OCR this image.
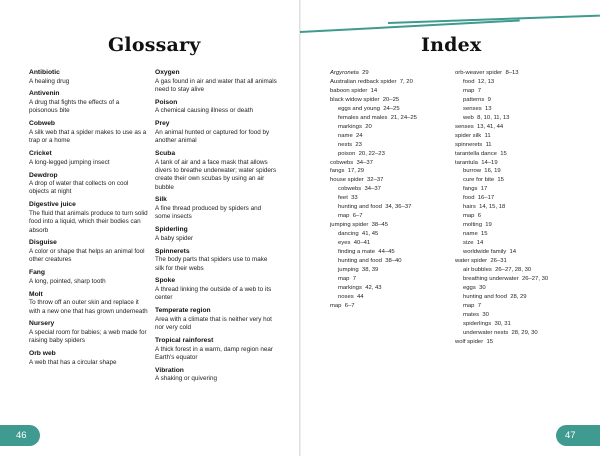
Glossary	Index
Antibiotic
A healing drug
Antivenin
A drug that fights the effects of a poisonous bite
Cobweb
A silk web that a spider makes to use as a trap or a home
Cricket
A long-legged jumping insect
Dewdrop
A drop of water that collects on cool objects at night
Digestive juice
The fluid that animals produce to turn solid food into a liquid, which their bodies can absorb
Disguise
A color or shape that helps an animal fool other creatures
Fang
A long, pointed, sharp tooth
Molt
To throw off an outer skin and replace it with a new one that has grown underneath
Nursery
A special room for babies; a web made for raising baby spiders
Orb web
A web that has a circular shape
Oxygen
A gas found in air and water that all animals need to stay alive
Poison
A chemical causing illness or death
Prey
An animal hunted or captured for food by another animal
Scuba
A tank of air and a face mask that allows divers to breathe underwater; water spiders create their own scubas by using an air bubble
Silk
A fine thread produced by spiders and some insects
Spiderling
A baby spider
Spinnerets
The body parts that spiders use to make silk for their webs
Spoke
A thread linking the outside of a web to its center
Temperate region
Area with a climate that is neither very hot nor very cold
Tropical rainforest
A thick forest in a warm, damp region near Earth's equator
Vibration
A shaking or quivering
Argyroneta 29
Australian redback spider 7, 20
baboon spider 14
black widow spider 20–25
eggs and young 24–25
females and males 21, 24–25
markings 20
name 24
nests 23
poison 20, 22–23
cobwebs 34–37
fangs 17, 29
house spider 32–37
cobwebs 34–37
feet 33
hunting and food 34, 36–37
map 6–7
jumping spider 38–45
dancing 41, 45
eyes 40–41
finding a mate 44–45
hunting and food 38–40
jumping 38, 39
map 7
markings 42, 43
noses 44
map 6–7
orb-weaver spider 8–13
food 12, 13
map 7
patterns 9
senses 13
web 8, 10, 11, 13
senses 13, 41, 44
spider silk 11
spinnerets 11
tarantella dance 15
tarantula 14–19
burrow 16, 19
cure for bite 15
fangs 17
food 16–17
hairs 14, 15, 18
map 6
molting 19
name 15
size 14
worldwide family 14
water spider 26–31
air bubbles 26–27, 28, 30
breathing underwater 26–27, 30
eggs 30
hunting and food 28, 29
map 7
mates 30
spiderlings 30, 31
underwater nests 28, 29, 30
wolf spider 15
46	47
